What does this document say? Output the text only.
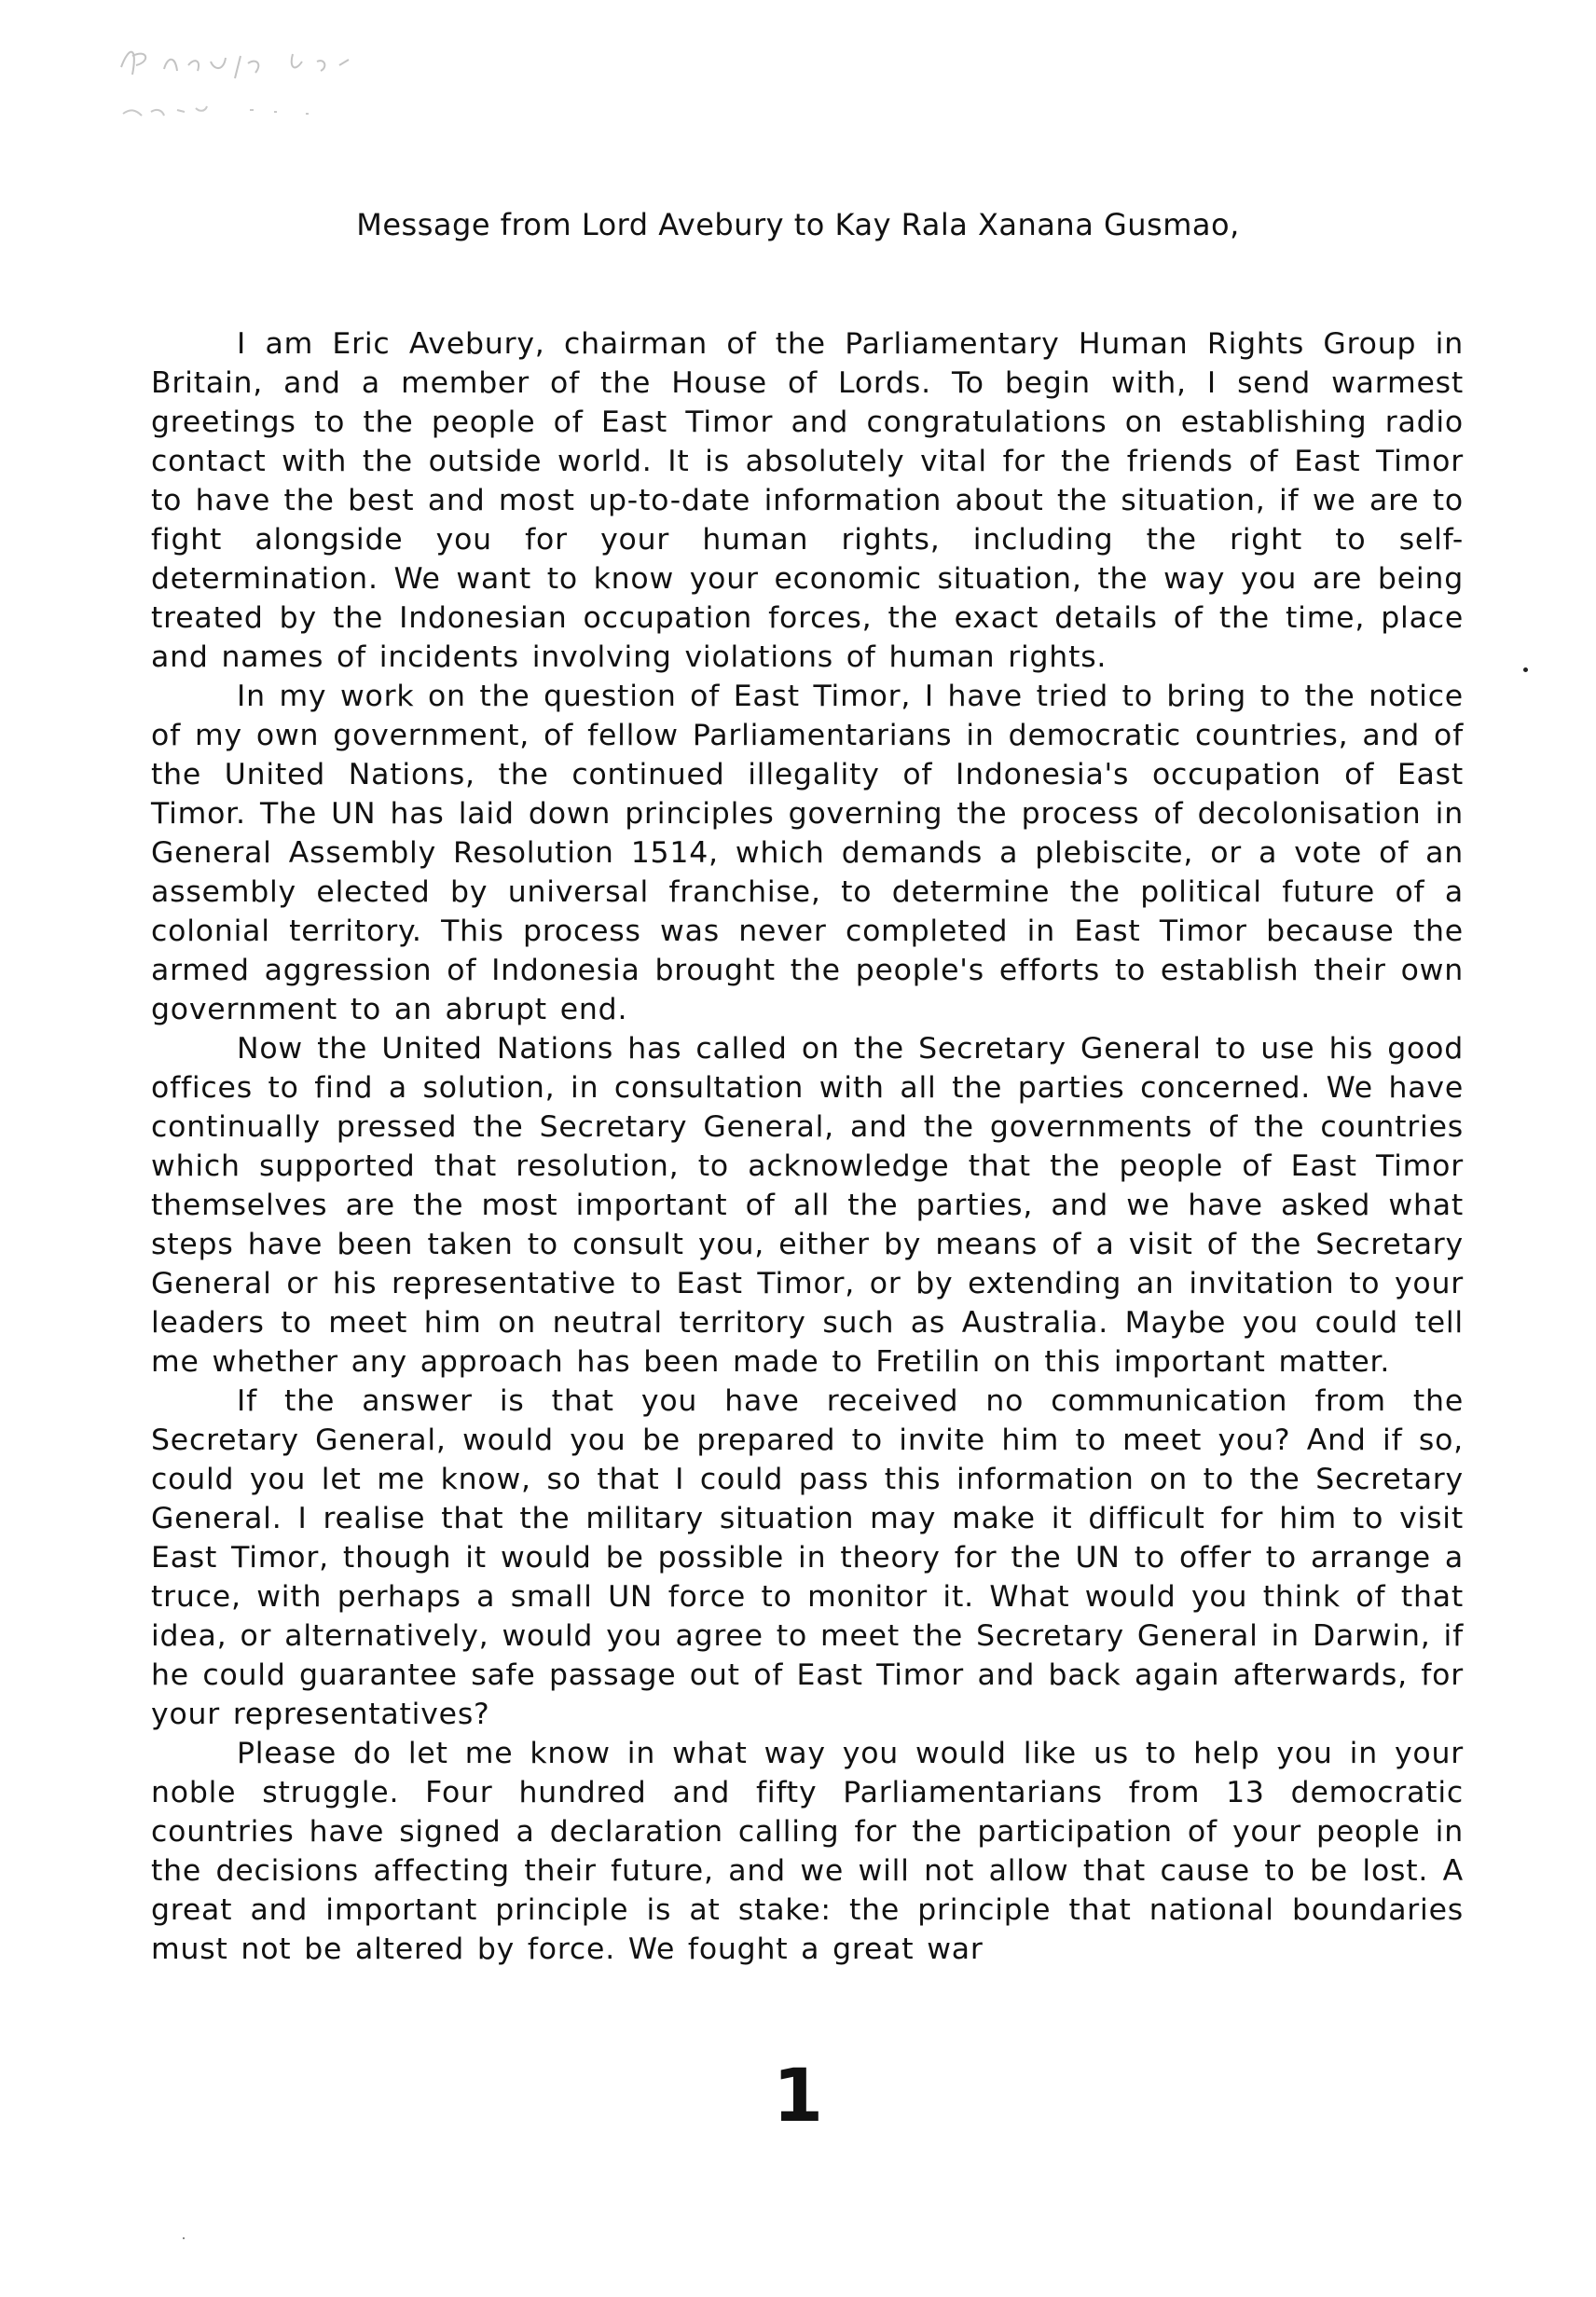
Message from Lord Avebury to Kay Rala Xanana Gusmao,

I am Eric Avebury, chairman of the Parliamentary Human Rights Group in Britain, and a member of the House of Lords. To begin with, I send warmest greetings to the people of East Timor and congratulations on establishing radio contact with the outside world. It is absolutely vital for the friends of East Timor to have the best and most up-to-date information about the situation, if we are to fight alongside you for your human rights, including the right to self-determination. We want to know your economic situation, the way you are being treated by the Indonesian occupation forces, the exact details of the time, place and names of incidents involving violations of human rights.

In my work on the question of East Timor, I have tried to bring to the notice of my own government, of fellow Parliamentarians in democratic countries, and of the United Nations, the continued illegality of Indonesia's occupation of East Timor. The UN has laid down principles governing the process of decolonisation in General Assembly Resolution 1514, which demands a plebiscite, or a vote of an assembly elected by universal franchise, to determine the political future of a colonial territory. This process was never completed in East Timor because the armed aggression of Indonesia brought the people's efforts to establish their own government to an abrupt end.

Now the United Nations has called on the Secretary General to use his good offices to find a solution, in consultation with all the parties concerned. We have continually pressed the Secretary General, and the governments of the countries which supported that resolution, to acknowledge that the people of East Timor themselves are the most important of all the parties, and we have asked what steps have been taken to consult you, either by means of a visit of the Secretary General or his representative to East Timor, or by extending an invitation to your leaders to meet him on neutral territory such as Australia. Maybe you could tell me whether any approach has been made to Fretilin on this important matter.

If the answer is that you have received no communication from the Secretary General, would you be prepared to invite him to meet you? And if so, could you let me know, so that I could pass this information on to the Secretary General. I realise that the military situation may make it difficult for him to visit East Timor, though it would be possible in theory for the UN to offer to arrange a truce, with perhaps a small UN force to monitor it. What would you think of that idea, or alternatively, would you agree to meet the Secretary General in Darwin, if he could guarantee safe passage out of East Timor and back again afterwards, for your representatives?

Please do let me know in what way you would like us to help you in your noble struggle. Four hundred and fifty Parliamentarians from 13 democratic countries have signed a declaration calling for the participation of your people in the decisions affecting their future, and we will not allow that cause to be lost. A great and important principle is at stake: the principle that national boundaries must not be altered by force. We fought a great war

1
